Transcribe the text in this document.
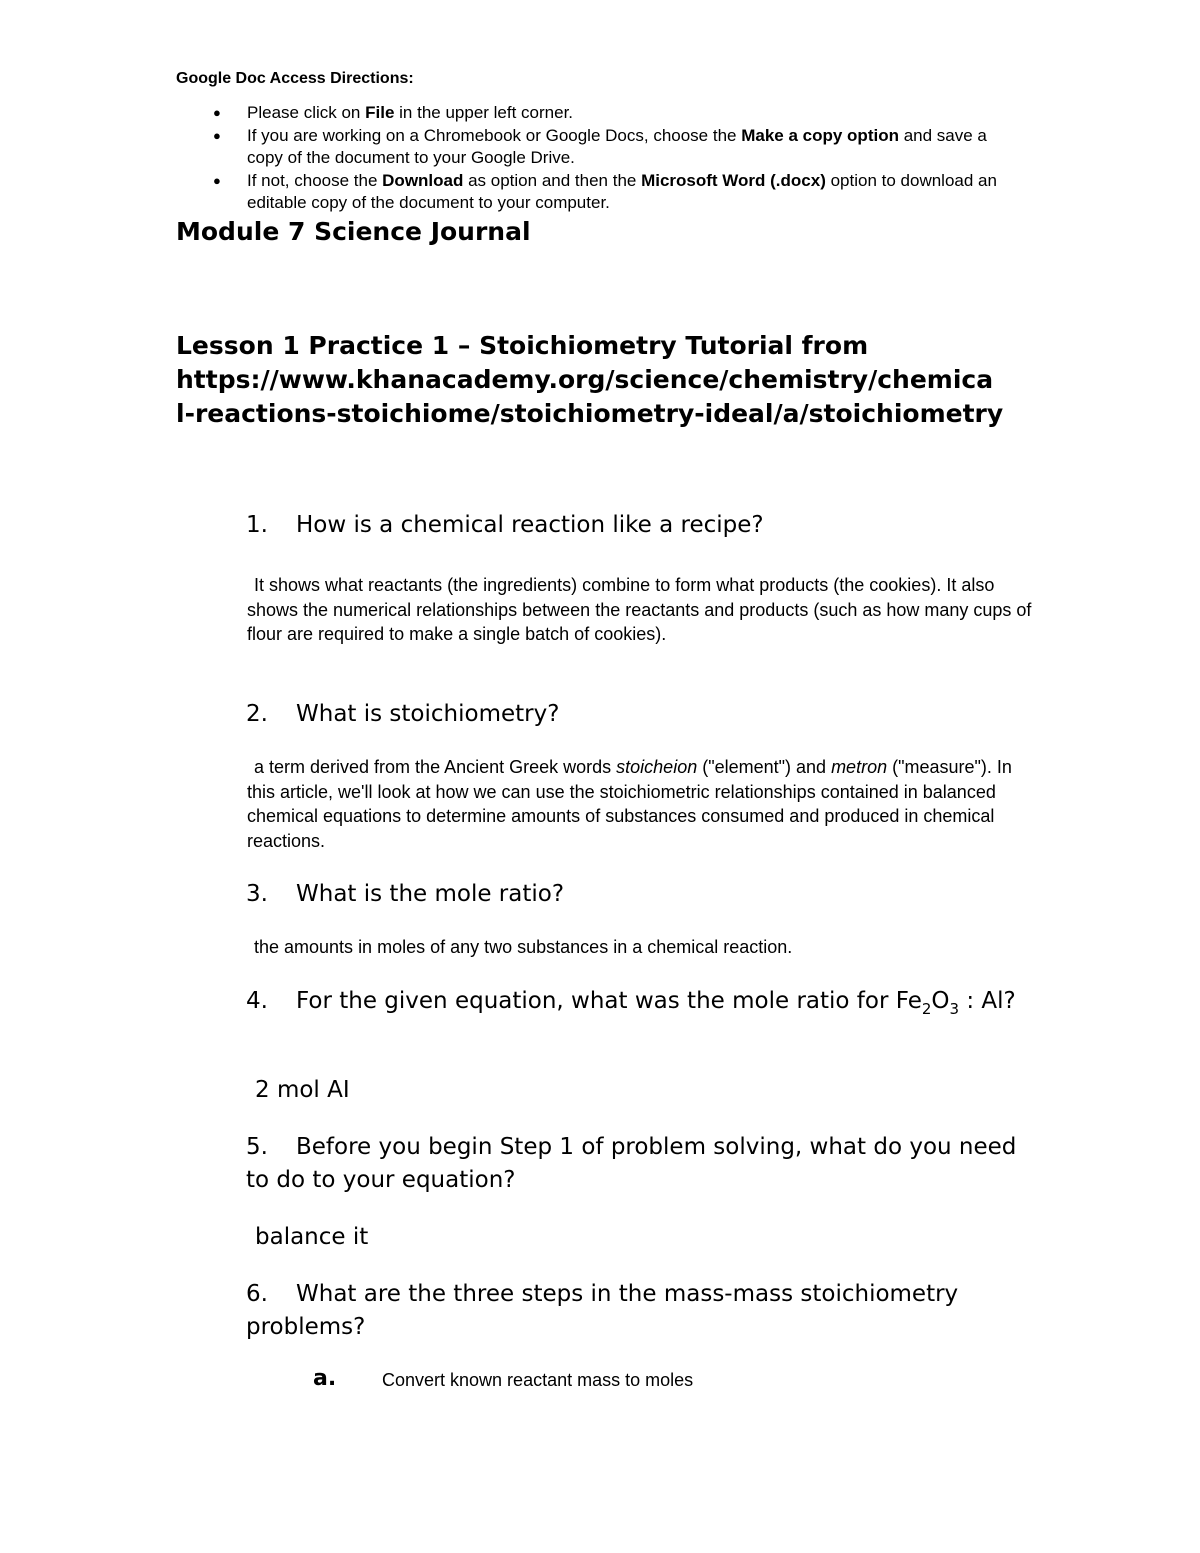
Google Doc Access Directions:
● Please click on File in the upper left corner.
● If you are working on a Chromebook or Google Docs, choose the Make a copy option and save a copy of the document to your Google Drive.
● If not, choose the Download as option and then the Microsoft Word (.docx) option to download an editable copy of the document to your computer.
Module 7 Science Journal
Lesson 1 Practice 1 – Stoichiometry Tutorial from
https://www.khanacademy.org/science/chemistry/chemica
l-reactions-stoichiome/stoichiometry-ideal/a/stoichiometry
1. How is a chemical reaction like a recipe?
It shows what reactants (the ingredients) combine to form what products (the cookies). It also shows the numerical relationships between the reactants and products (such as how many cups of flour are required to make a single batch of cookies).
2. What is stoichiometry?
a term derived from the Ancient Greek words stoicheion ("element") and metron ("measure"). In this article, we'll look at how we can use the stoichiometric relationships contained in balanced chemical equations to determine amounts of substances consumed and produced in chemical reactions.
3. What is the mole ratio?
the amounts in moles of any two substances in a chemical reaction.
4. For the given equation, what was the mole ratio for $Fe_2O_3$ : Al?
2 mol AI
5. Before you begin Step 1 of problem solving, what do you need to do to your equation?
balance it
6. What are the three steps in the mass-mass stoichiometry problems?
a.	Convert known reactant mass to moles
